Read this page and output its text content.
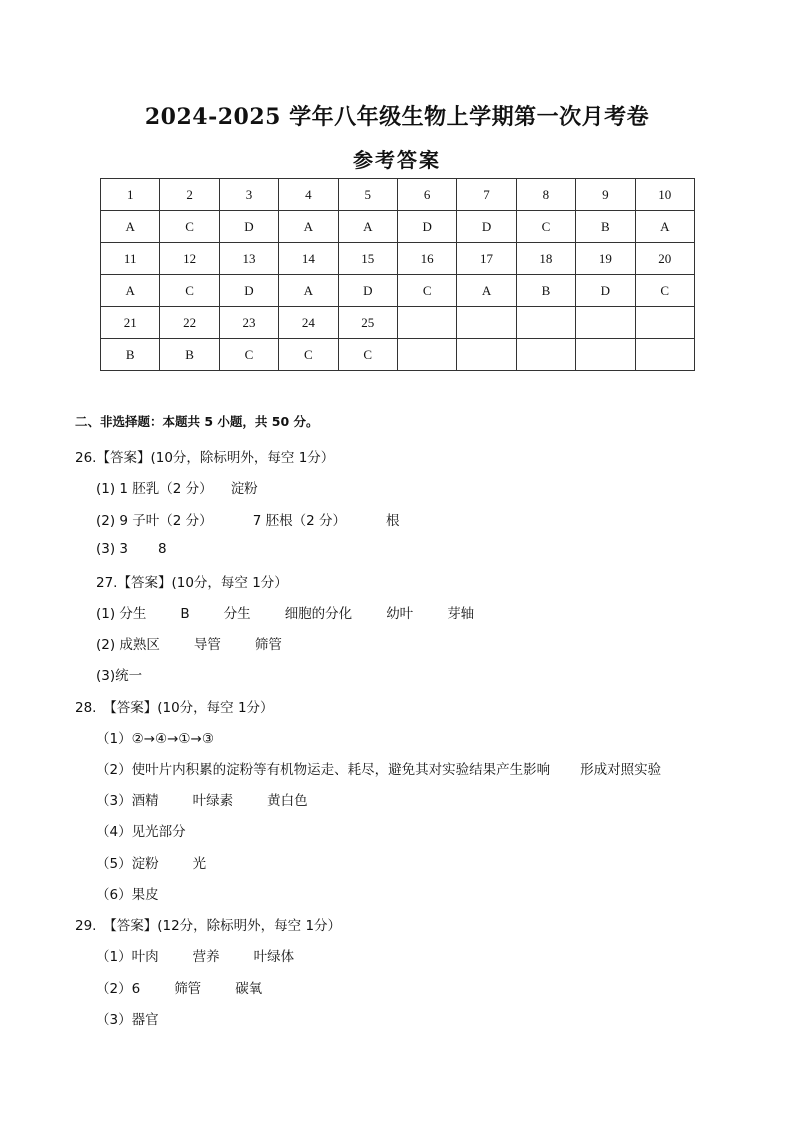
2024-2025 学年八年级生物上学期第一次月考卷
参考答案
1	2	3	4	5	6	7	8	9	10
A	C	D	A	A	D	D	C	B	A
11	12	13	14	15	16	17	18	19	20
A	C	D	A	D	C	A	B	D	C
21	22	23	24	25					
B	B	C	C	C					
二、非选择题：本题共 5 小题，共 50 分。
26.【答案】(10分，除标明外，每空 1分）
(1) 1 胚乳（2 分） 淀粉
(2) 9 子叶（2 分）	7 胚根（2 分）	根
(3) 3 8
27.【答案】(10分，每空 1分）
(1) 分生	B	分生	细胞的分化	幼叶	芽轴
(2) 成熟区	导管	筛管
(3)统一
28.　【答案】(10分，每空 1分）
（1）②→④→①→③
（2）使叶片内积累的淀粉等有机物运走、耗尽，避免其对实验结果产生影响 形成对照实验
（3）酒精	叶绿素	黄白色
（4）见光部分
（5）淀粉	光
（6）果皮
29.　【答案】(12分，除标明外，每空 1分）
（1）叶肉	营养	叶绿体
（2）6	筛管	碳氧
（3）器官
